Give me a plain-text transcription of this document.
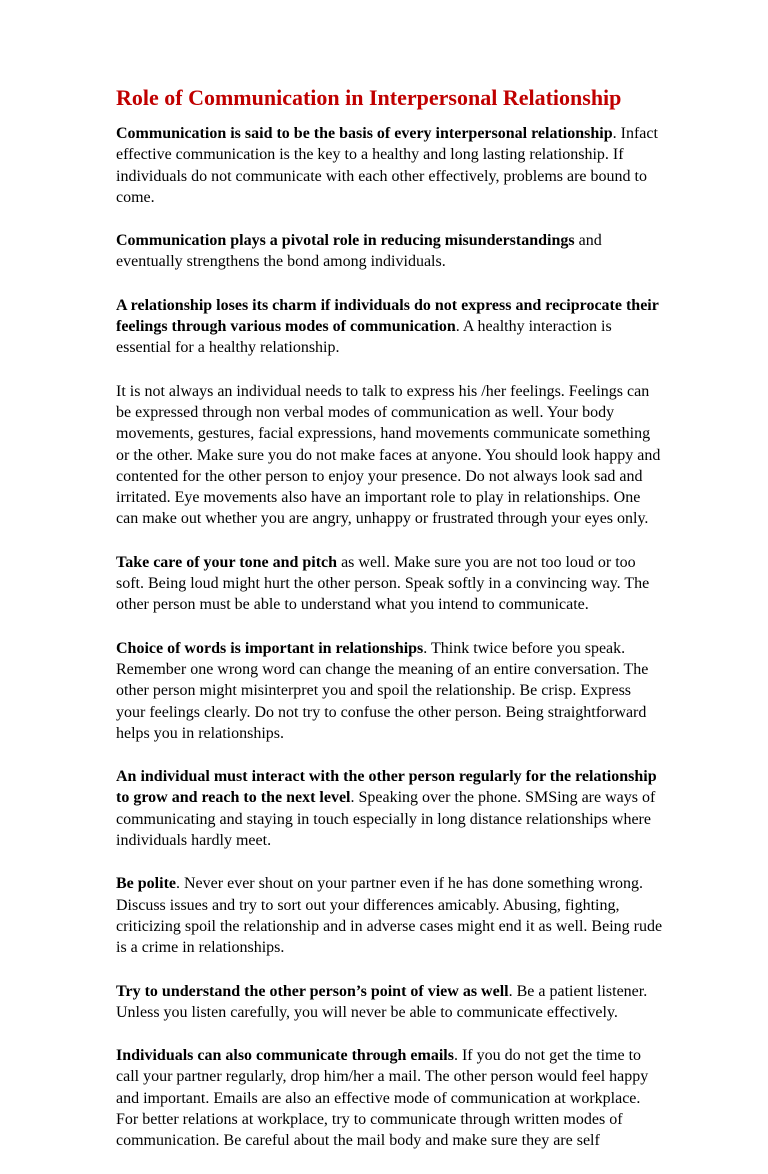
Role of Communication in Interpersonal Relationship

Communication is said to be the basis of every interpersonal relationship. Infact effective communication is the key to a healthy and long lasting relationship. If individuals do not communicate with each other effectively, problems are bound to come.

Communication plays a pivotal role in reducing misunderstandings and eventually strengthens the bond among individuals.

A relationship loses its charm if individuals do not express and reciprocate their feelings through various modes of communication. A healthy interaction is essential for a healthy relationship.

It is not always an individual needs to talk to express his /her feelings. Feelings can be expressed through non verbal modes of communication as well. Your body movements, gestures, facial expressions, hand movements communicate something or the other. Make sure you do not make faces at anyone. You should look happy and contented for the other person to enjoy your presence. Do not always look sad and irritated. Eye movements also have an important role to play in relationships. One can make out whether you are angry, unhappy or frustrated through your eyes only.

Take care of your tone and pitch as well. Make sure you are not too loud or too soft. Being loud might hurt the other person. Speak softly in a convincing way. The other person must be able to understand what you intend to communicate.

Choice of words is important in relationships. Think twice before you speak. Remember one wrong word can change the meaning of an entire conversation. The other person might misinterpret you and spoil the relationship. Be crisp. Express your feelings clearly. Do not try to confuse the other person. Being straightforward helps you in relationships.

An individual must interact with the other person regularly for the relationship to grow and reach to the next level. Speaking over the phone. SMSing are ways of communicating and staying in touch especially in long distance relationships where individuals hardly meet.

Be polite. Never ever shout on your partner even if he has done something wrong. Discuss issues and try to sort out your differences amicably. Abusing, fighting, criticizing spoil the relationship and in adverse cases might end it as well. Being rude is a crime in relationships.

Try to understand the other person’s point of view as well. Be a patient listener. Unless you listen carefully, you will never be able to communicate effectively.

Individuals can also communicate through emails. If you do not get the time to call your partner regularly, drop him/her a mail. The other person would feel happy and important. Emails are also an effective mode of communication at workplace. For better relations at workplace, try to communicate through written modes of communication. Be careful about the mail body and make sure they are self
